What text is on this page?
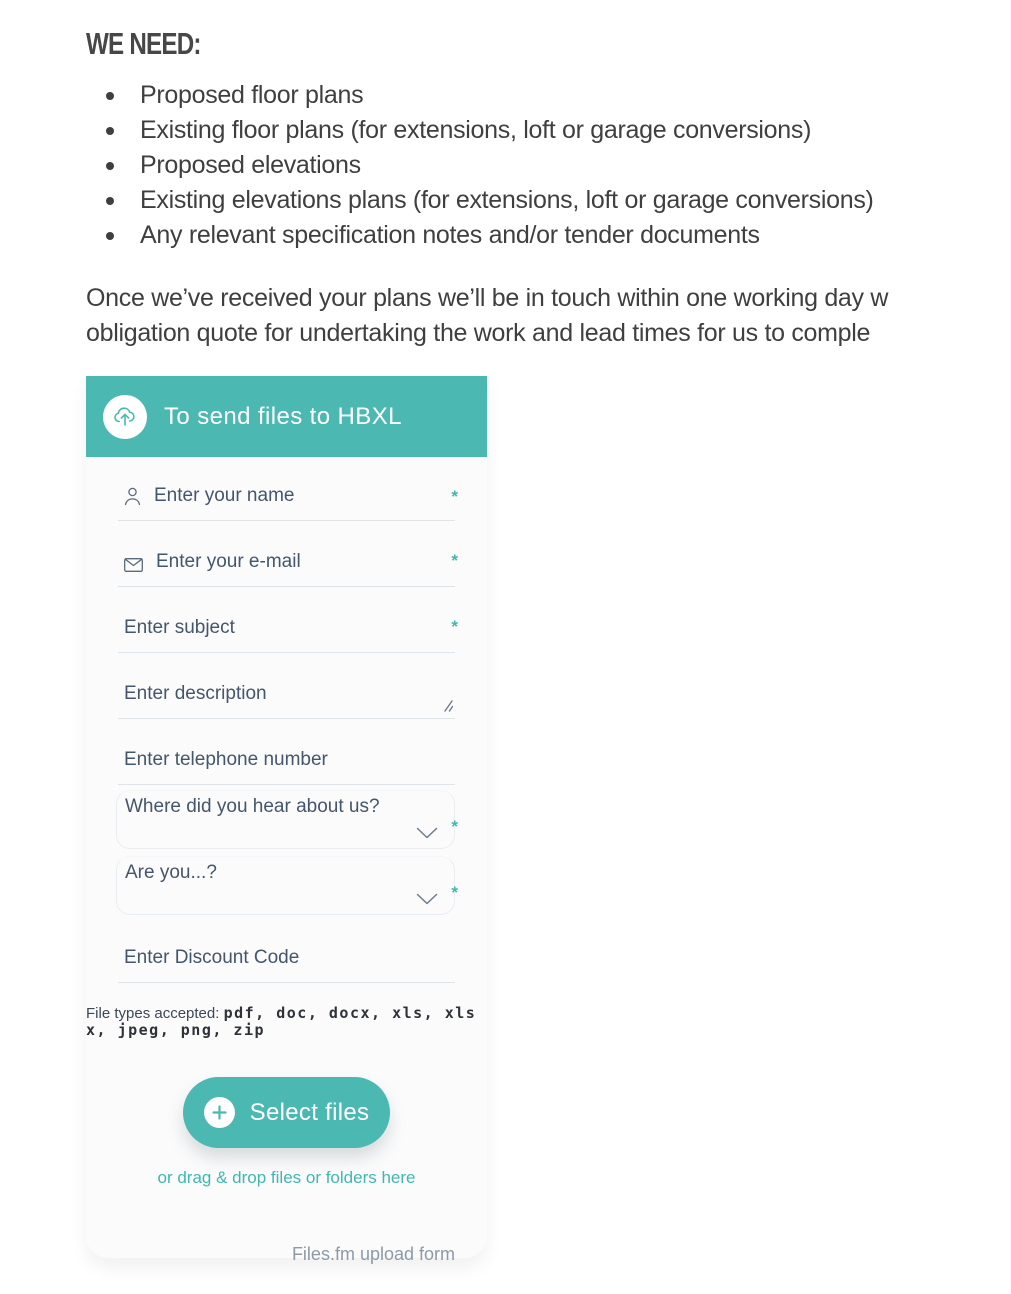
WE NEED:
Proposed floor plans
Existing floor plans (for extensions, loft or garage conversions)
Proposed elevations
Existing elevations plans (for extensions, loft or garage conversions)
Any relevant specification notes and/or tender documents

Once we’ve received your plans we’ll be in touch within one working day w
obligation quote for undertaking the work and lead times for us to comple

To send files to HBXL
Enter your name
*
Enter your e-mail
*
Enter subject
*
Enter description
Enter telephone number
Where did you hear about us?
*
Are you...?
*
Enter Discount Code
File types accepted: pdf, doc, docx, xls, xlsx, jpeg, png, zip
Select files
or drag & drop files or folders here
Files.fm upload form
